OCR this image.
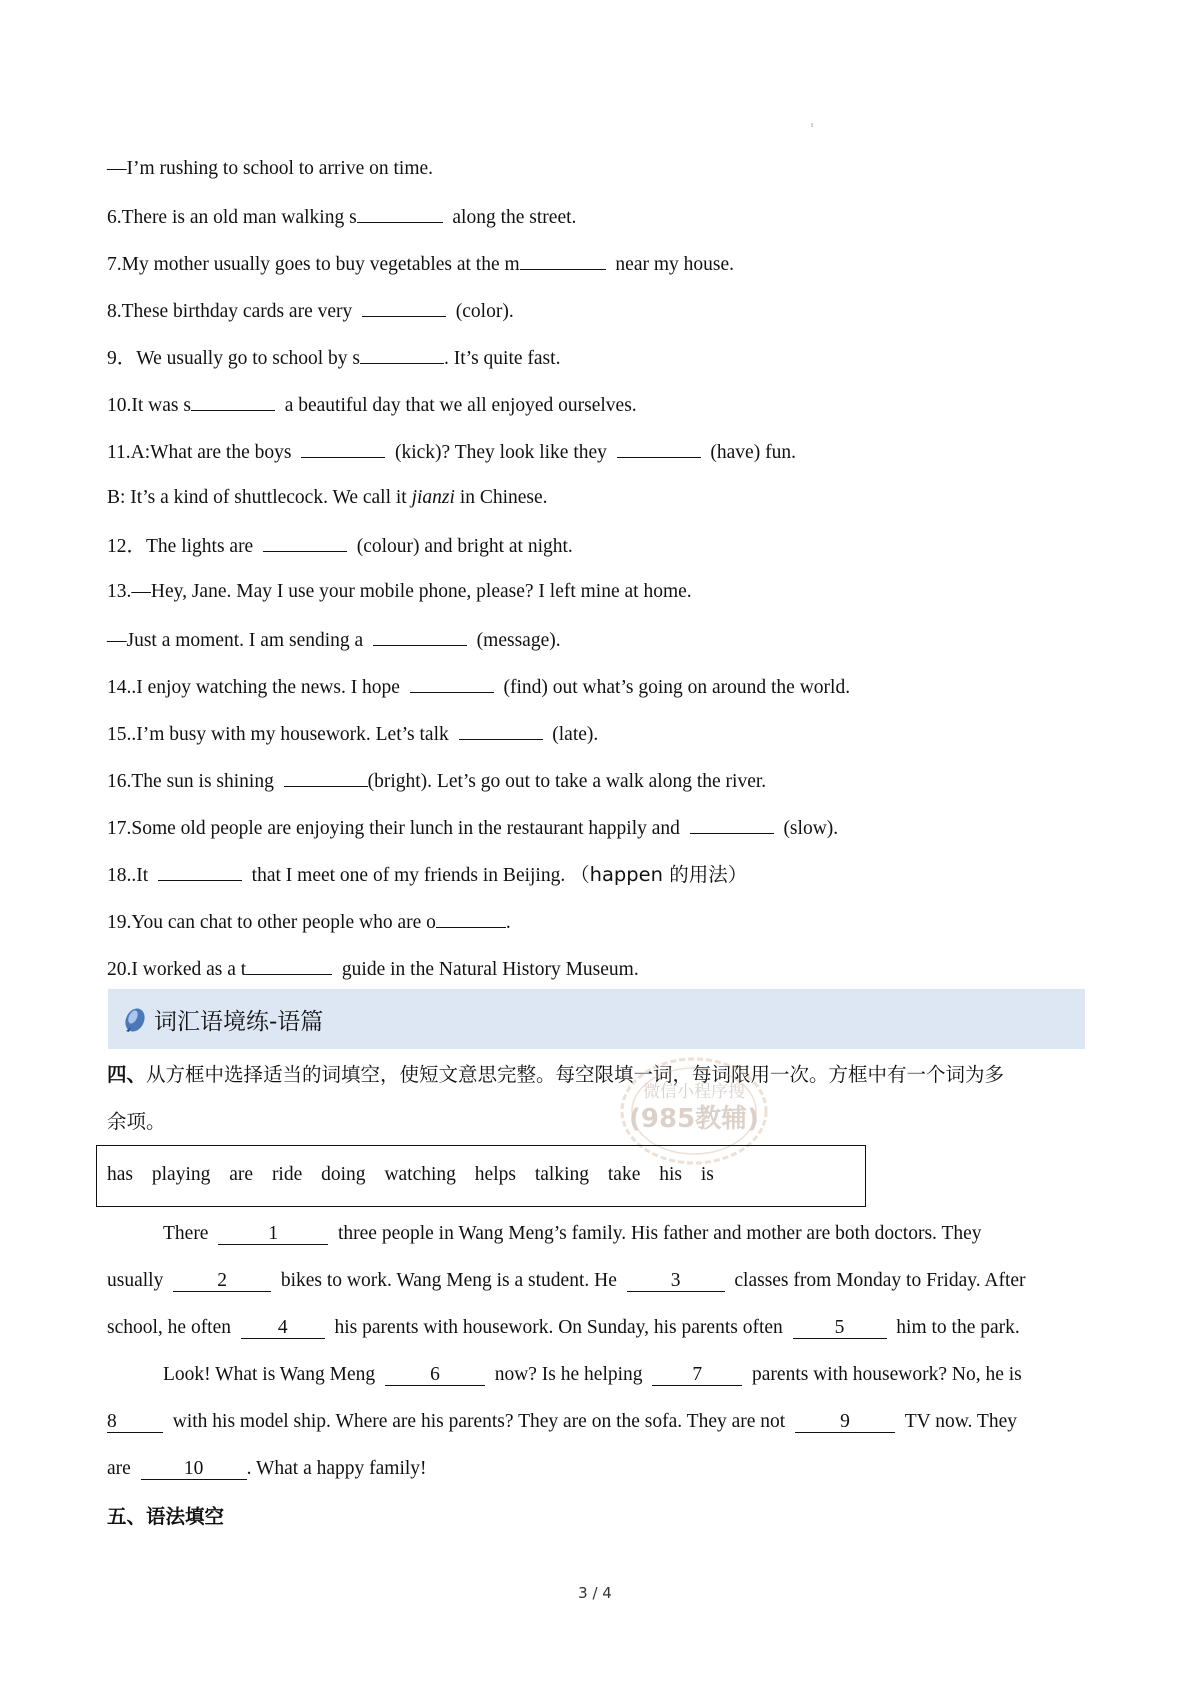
ι
—I’m rushing to school to arrive on time.
6.There is an old man walking s	along the street.
7.My mother usually goes to buy vegetables at the m	near my house.
8.These birthday cards are very	(color).
9．We usually go to school by s	. It’s quite fast.
10.It was s	a beautiful day that we all enjoyed ourselves.
11.A:What are the boys	(kick)? They look like they	(have) fun.
B: It’s a kind of shuttlecock. We call it jianzi in Chinese.
12．The lights are	(colour) and bright at night.
13.—Hey, Jane. May I use your mobile phone, please? I left mine at home.
—Just a moment. I am sending a	(message).
14..I enjoy watching the news. I hope	(find) out what’s going on around the world.
15..I’m busy with my housework. Let’s talk	(late).
16.The sun is shining	(bright). Let’s go out to take a walk along the river.
17.Some old people are enjoying their lunch in the restaurant happily and	(slow).
18..It	that I meet one of my friends in Beijing. （happen 的用法）
19.You can chat to other people who are o	.
20.I worked as a t	guide in the Natural History Museum.
词汇语境练-语篇
四、从方框中选择适当的词填空，使短文意思完整。每空限填一词，每词限用一次。方框中有一个词为多
余项。
微信小程序搜
(985教辅)
has playing are ride doing watching helps talking take his is
There	1	three people in Wang Meng’s family. His father and mother are both doctors. They
usually	2	bikes to work. Wang Meng is a student. He	3	classes from Monday to Friday. After
school, he often 4 his parents with housework. On Sunday, his parents often	5	him to the park.
Look! What is Wang Meng	6	now? Is he helping	7	parents with housework? No, he is
8	with his model ship. Where are his parents? They are on the sofa. They are not	9	TV now. They
are	10 . What a happy family!
五、语法填空
3 / 4
